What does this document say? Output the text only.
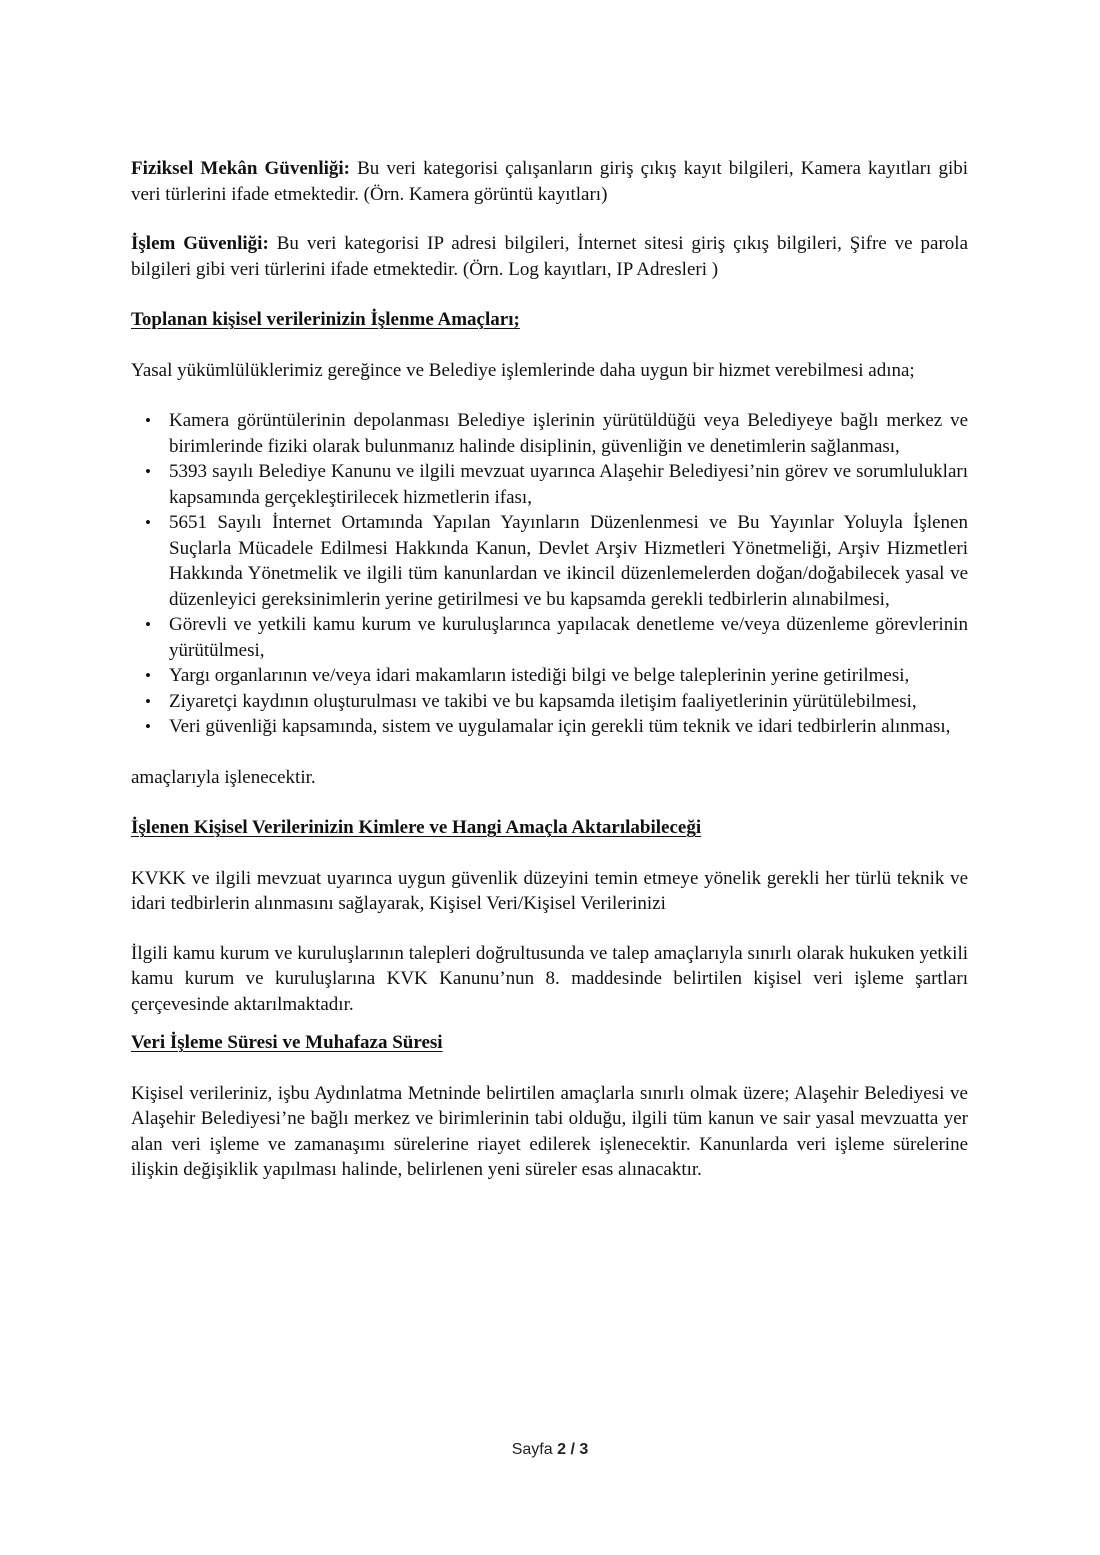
Fiziksel Mekân Güvenliği: Bu veri kategorisi çalışanların giriş çıkış kayıt bilgileri, Kamera kayıtları gibi veri türlerini ifade etmektedir. (Örn. Kamera görüntü kayıtları)

İşlem Güvenliği: Bu veri kategorisi IP adresi bilgileri, İnternet sitesi giriş çıkış bilgileri, Şifre ve parola bilgileri gibi veri türlerini ifade etmektedir. (Örn. Log kayıtları, IP Adresleri )

Toplanan kişisel verilerinizin İşlenme Amaçları;

Yasal yükümlülüklerimiz gereğince ve Belediye işlemlerinde daha uygun bir hizmet verebilmesi adına;

• Kamera görüntülerinin depolanması Belediye işlerinin yürütüldüğü veya Belediyeye bağlı merkez ve birimlerinde fiziki olarak bulunmanız halinde disiplinin, güvenliğin ve denetimlerin sağlanması,
• 5393 sayılı Belediye Kanunu ve ilgili mevzuat uyarınca Alaşehir Belediyesi’nin görev ve sorumlulukları kapsamında gerçekleştirilecek hizmetlerin ifası,
• 5651 Sayılı İnternet Ortamında Yapılan Yayınların Düzenlenmesi ve Bu Yayınlar Yoluyla İşlenen Suçlarla Mücadele Edilmesi Hakkında Kanun, Devlet Arşiv Hizmetleri Yönetmeliği, Arşiv Hizmetleri Hakkında Yönetmelik ve ilgili tüm kanunlardan ve ikincil düzenlemelerden doğan/doğabilecek yasal ve düzenleyici gereksinimlerin yerine getirilmesi ve bu kapsamda gerekli tedbirlerin alınabilmesi,
• Görevli ve yetkili kamu kurum ve kuruluşlarınca yapılacak denetleme ve/veya düzenleme görevlerinin yürütülmesi,
• Yargı organlarının ve/veya idari makamların istediği bilgi ve belge taleplerinin yerine getirilmesi,
• Ziyaretçi kaydının oluşturulması ve takibi ve bu kapsamda iletişim faaliyetlerinin yürütülebilmesi,
• Veri güvenliği kapsamında, sistem ve uygulamalar için gerekli tüm teknik ve idari tedbirlerin alınması,

amaçlarıyla işlenecektir.

İşlenen Kişisel Verilerinizin Kimlere ve Hangi Amaçla Aktarılabileceği

KVKK ve ilgili mevzuat uyarınca uygun güvenlik düzeyini temin etmeye yönelik gerekli her türlü teknik ve idari tedbirlerin alınmasını sağlayarak, Kişisel Veri/Kişisel Verilerinizi

İlgili kamu kurum ve kuruluşlarının talepleri doğrultusunda ve talep amaçlarıyla sınırlı olarak hukuken yetkili kamu kurum ve kuruluşlarına KVK Kanunu’nun 8. maddesinde belirtilen kişisel veri işleme şartları çerçevesinde aktarılmaktadır.

Veri İşleme Süresi ve Muhafaza Süresi

Kişisel verileriniz, işbu Aydınlatma Metninde belirtilen amaçlarla sınırlı olmak üzere; Alaşehir Belediyesi ve Alaşehir Belediyesi’ne bağlı merkez ve birimlerinin tabi olduğu, ilgili tüm kanun ve sair yasal mevzuatta yer alan veri işleme ve zamanaşımı sürelerine riayet edilerek işlenecektir. Kanunlarda veri işleme sürelerine ilişkin değişiklik yapılması halinde, belirlenen yeni süreler esas alınacaktır.

Sayfa 2 / 3
